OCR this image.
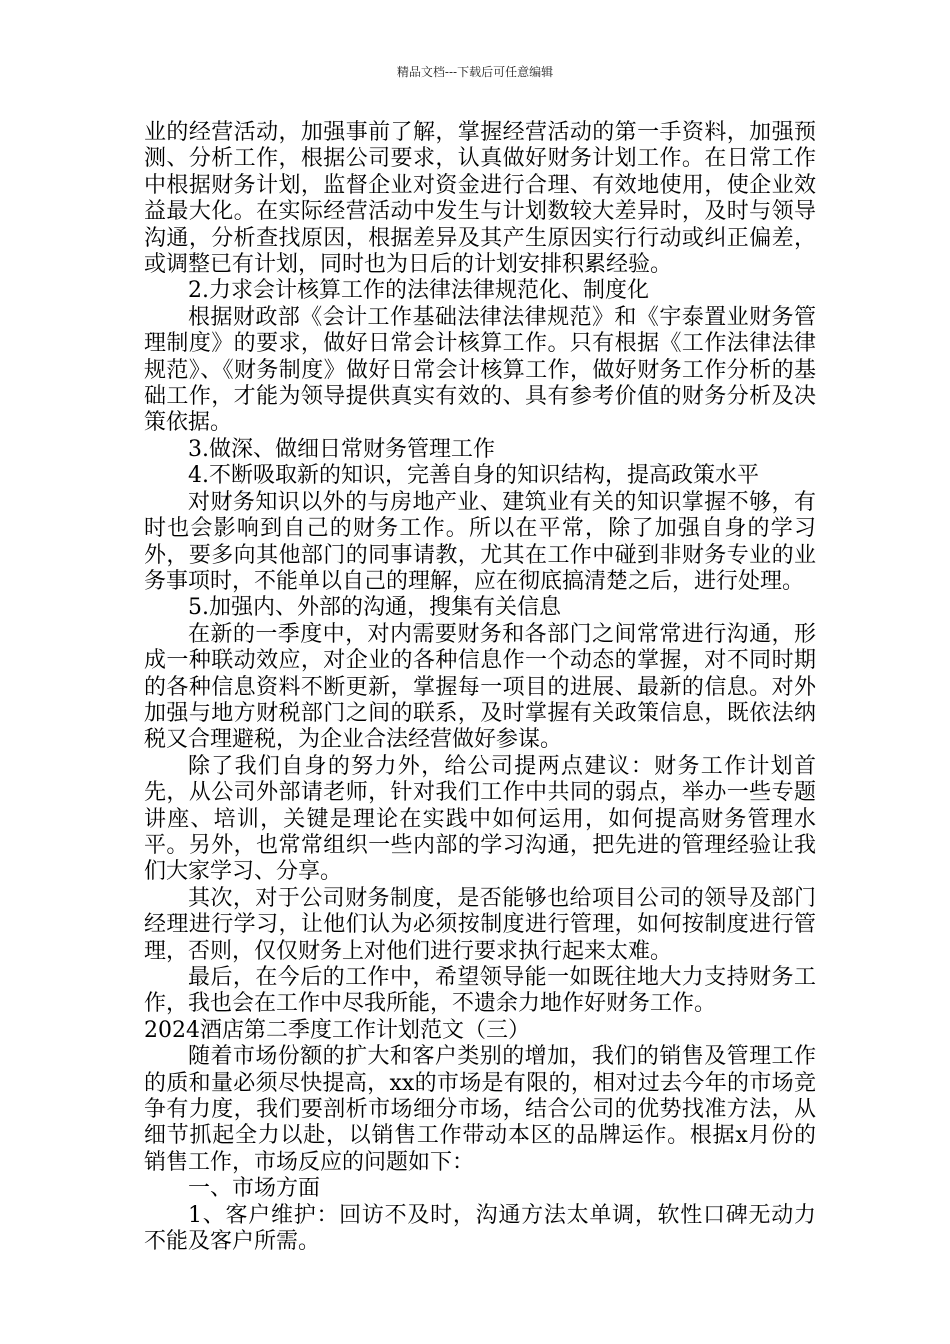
精品文档---下载后可任意编辑

业的经营活动，加强事前了解，掌握经营活动的第一手资料，加强预测、分析工作，根据公司要求，认真做好财务计划工作。在日常工作中根据财务计划，监督企业对资金进行合理、有效地使用，使企业效益最大化。在实际经营活动中发生与计划数较大差异时，及时与领导沟通，分析查找原因，根据差异及其产生原因实行行动或纠正偏差，或调整已有计划，同时也为日后的计划安排积累经验。

2.力求会计核算工作的法律法律规范化、制度化

根据财政部《会计工作基础法律法律规范》和《宇泰置业财务管理制度》的要求，做好日常会计核算工作。只有根据《工作法律法律规范》、《财务制度》做好日常会计核算工作，做好财务工作分析的基础工作，才能为领导提供真实有效的、具有参考价值的财务分析及决策依据。

3.做深、做细日常财务管理工作

4.不断吸取新的知识，完善自身的知识结构，提高政策水平

对财务知识以外的与房地产业、建筑业有关的知识掌握不够，有时也会影响到自己的财务工作。所以在平常，除了加强自身的学习外，要多向其他部门的同事请教，尤其在工作中碰到非财务专业的业务事项时，不能单以自己的理解，应在彻底搞清楚之后，进行处理。

5.加强内、外部的沟通，搜集有关信息

在新的一季度中，对内需要财务和各部门之间常常进行沟通，形成一种联动效应，对企业的各种信息作一个动态的掌握，对不同时期的各种信息资料不断更新，掌握每一项目的进展、最新的信息。对外加强与地方财税部门之间的联系，及时掌握有关政策信息，既依法纳税又合理避税，为企业合法经营做好参谋。

除了我们自身的努力外，给公司提两点建议：财务工作计划首先，从公司外部请老师，针对我们工作中共同的弱点，举办一些专题讲座、培训，关键是理论在实践中如何运用，如何提高财务管理水平。另外，也常常组织一些内部的学习沟通，把先进的管理经验让我们大家学习、分享。

其次，对于公司财务制度，是否能够也给项目公司的领导及部门经理进行学习，让他们认为必须按制度进行管理，如何按制度进行管理，否则，仅仅财务上对他们进行要求执行起来太难。

最后，在今后的工作中，希望领导能一如既往地大力支持财务工作，我也会在工作中尽我所能，不遗余力地作好财务工作。

2024酒店第二季度工作计划范文（三）

随着市场份额的扩大和客户类别的增加，我们的销售及管理工作的质和量必须尽快提高，xx的市场是有限的，相对过去今年的市场竞争有力度，我们要剖析市场细分市场，结合公司的优势找准方法，从细节抓起全力以赴，以销售工作带动本区的品牌运作。根据x月份的销售工作，市场反应的问题如下：

一、市场方面

1、客户维护：回访不及时，沟通方法太单调，软性口碑无动力不能及客户所需。
